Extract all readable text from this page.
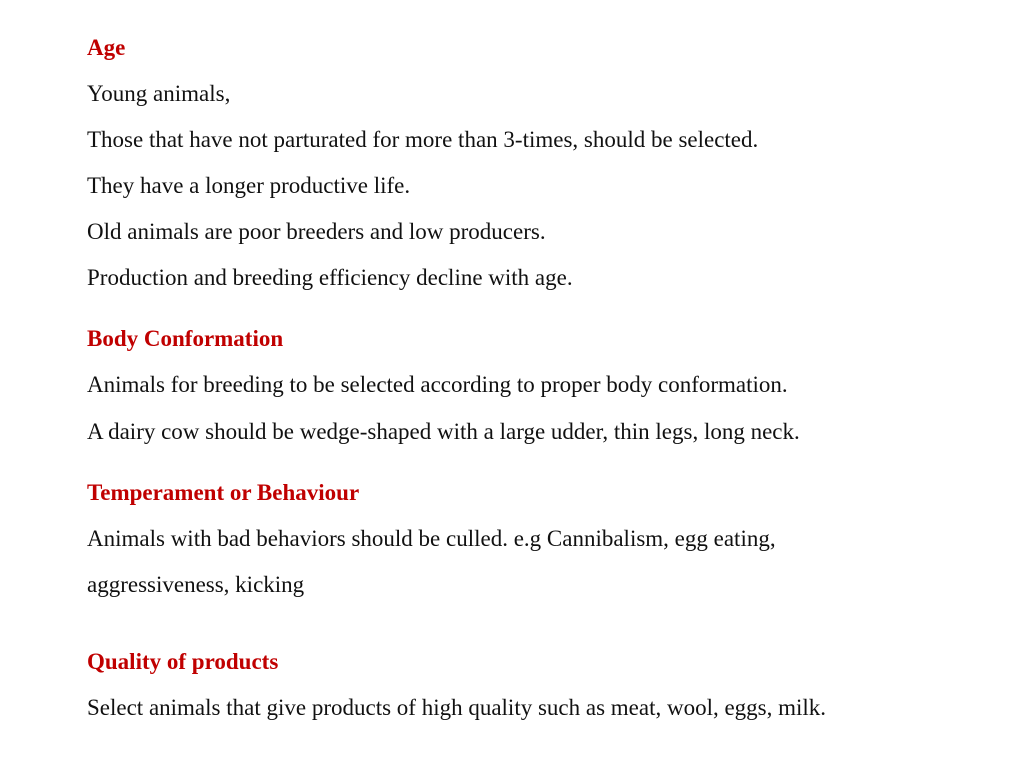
Age

Young animals,

Those that have not parturated for more than 3-times, should be selected.

They have a longer productive life.

Old animals are poor breeders and low producers.

Production and breeding efficiency decline with age.

Body Conformation

Animals for breeding to be selected according to proper body conformation.

A dairy cow should be wedge-shaped with a large udder, thin legs, long neck.

Temperament or Behaviour

Animals with bad behaviors should be culled. e.g Cannibalism, egg eating,

aggressiveness, kicking

Quality of products

Select animals that give products of high quality such as meat, wool, eggs, milk.
